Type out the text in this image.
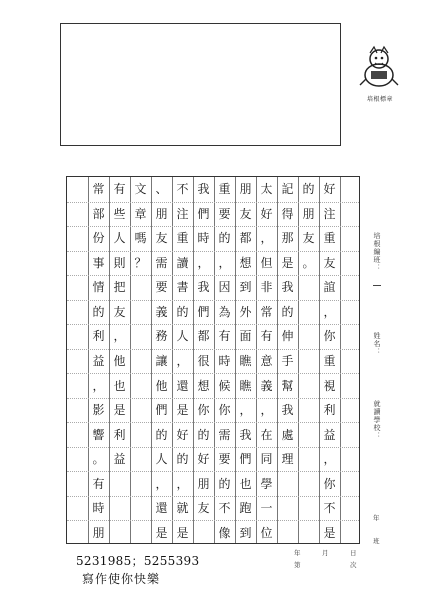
培根標章
好
注
重
友
誼
，
你
重
視
利
益
，
你
不
是
的
朋
友
。
記
得
那
是
我
的
伸
手
幫
我
處
理
太
好
，
但
非
常
有
意
義
，
在
同
學
一
位
朋
友
都
想
到
外
面
瞧
瞧
，
我
們
也
跑
到
重
要
的
，
因
為
有
時
候
你
需
要
的
不
像
我
們
時
，
我
們
都
很
想
你
的
好
朋
友
不
注
重
讀
書
的
人
，
還
是
好
的
，
就
是
、
朋
友
需
要
義
務
讓
他
們
的
人
，
還
是
文
章
嗎
？
有
些
人
則
把
友
，
他
也
是
利
益
常
部
份
事
情
的
利
益
，
影
響
。
有
時
朋
培根編班：
姓名：
就讀學校：
年
班
年	月	日
第	次
5231985；5255393
寫作使你快樂
